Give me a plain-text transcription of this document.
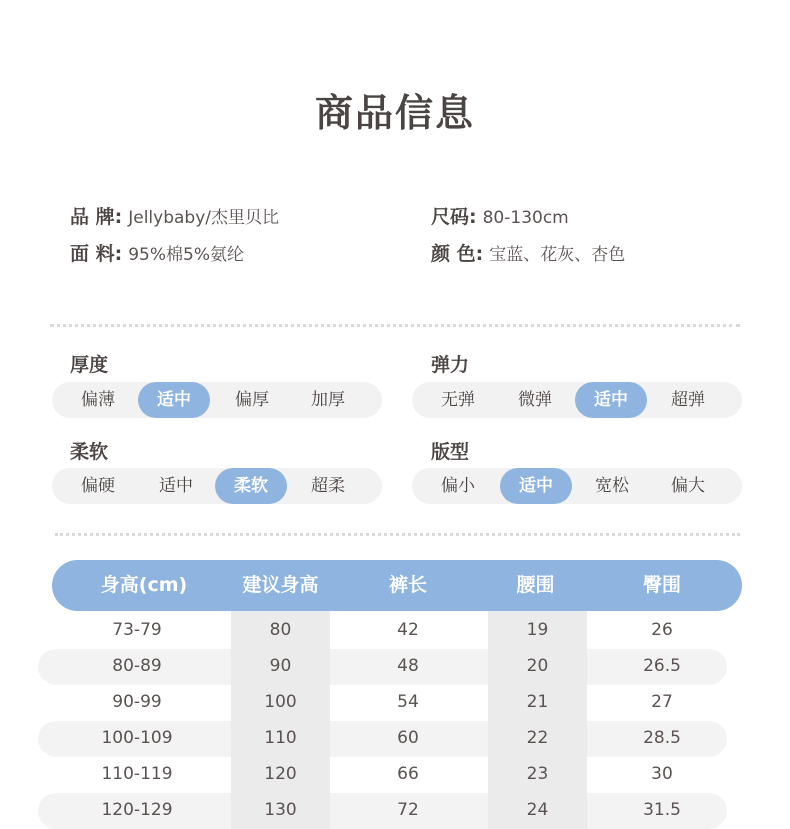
商品信息
品 牌: Jellybaby/杰里贝比	尺码: 80-130cm
面 料: 95%棉5%氨纶	颜 色: 宝蓝、花灰、杏色
厚度
偏薄	适中	偏厚	加厚
弹力
无弹	微弹	适中	超弹
柔软
偏硬	适中	柔软	超柔
版型
偏小	适中	宽松	偏大
身高(cm)	建议身高	裤长	腰围	臀围
73-79	80	42	19	26
80-89	90	48	20	26.5
90-99	100	54	21	27
100-109	110	60	22	28.5
110-119	120	66	23	30
120-129	130	72	24	31.5
